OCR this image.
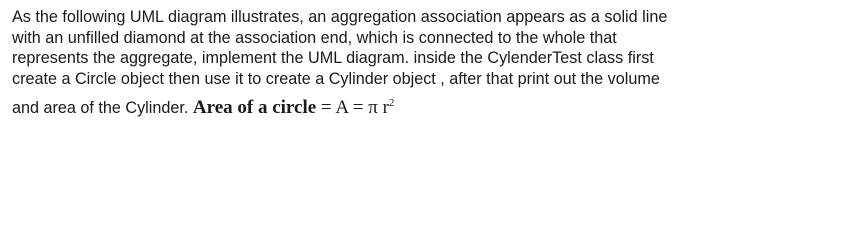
As the following UML diagram illustrates, an aggregation association appears as a solid line
with an unfilled diamond at the association end, which is connected to the whole that
represents the aggregate, implement the UML diagram. inside the CylenderTest class first
create a Circle object then use it to create a Cylinder object , after that print out the volume
and area of the Cylinder. Area of a circle = A = π $r^2$
